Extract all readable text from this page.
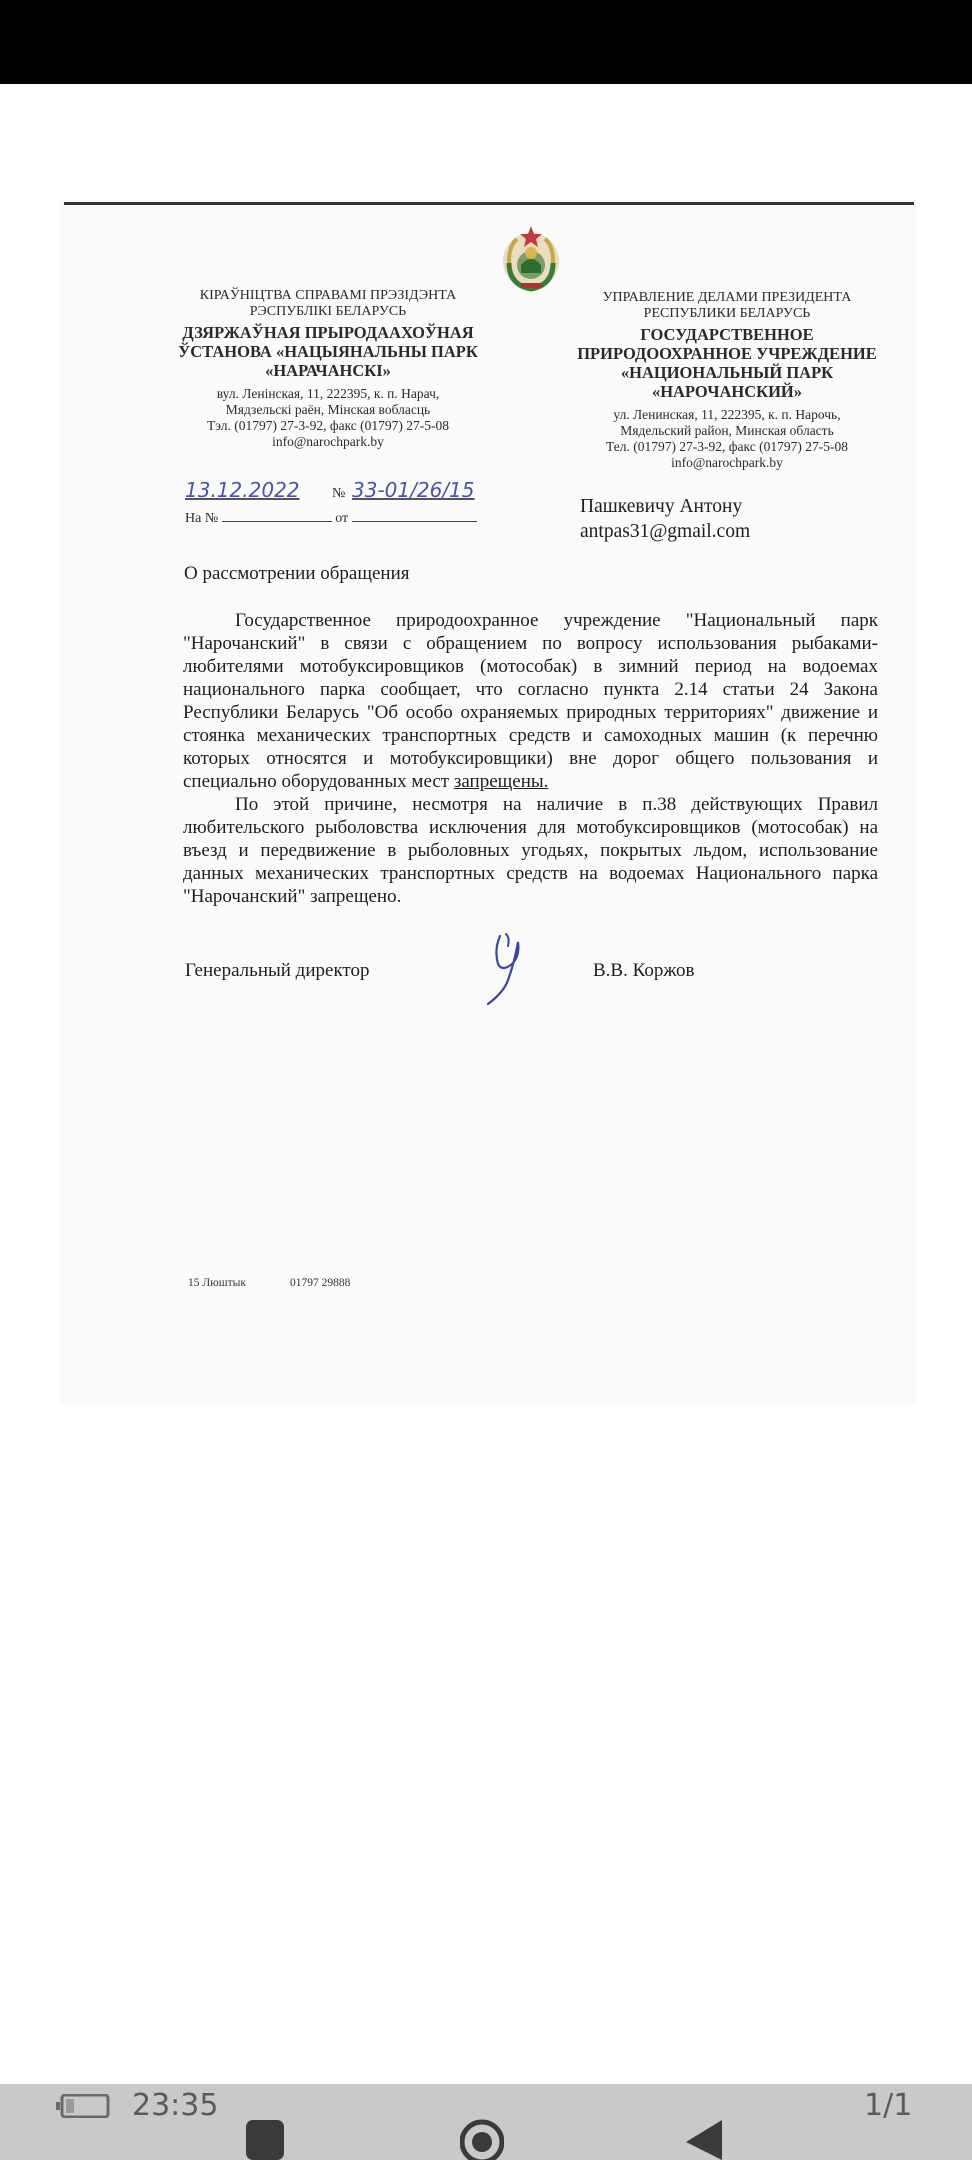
КІРАЎНІЦТВА СПРАВАМІ ПРЭЗІДЭНТА РЭСПУБЛІКІ БЕЛАРУСЬ
ДЗЯРЖАЎНАЯ ПРЫРОДААХОЎНАЯ ЎСТАНОВА «НАЦЫЯНАЛЬНЫ ПАРК «НАРАЧАНСКІ»
вул. Ленінская, 11, 222395, к. п. Нарач,
Мядзельскі раён, Мінская вобласць
Тэл. (01797) 27-3-92, факс (01797) 27-5-08
info@narochpark.by
УПРАВЛЕНИЕ ДЕЛАМИ ПРЕЗИДЕНТА РЕСПУБЛИКИ БЕЛАРУСЬ
ГОСУДАРСТВЕННОЕ ПРИРОДООХРАННОЕ УЧРЕЖДЕНИЕ «НАЦИОНАЛЬНЫЙ ПАРК «НАРОЧАНСКИЙ»
ул. Ленинская, 11, 222395, к. п. Нарочь,
Мядельский район, Минская область
Тел. (01797) 27-3-92, факс (01797) 27-5-08
info@narochpark.by
13.12.2022 № 33-01/26/15
На №	от
Пашкевичу Антону
antpas31@gmail.com
О рассмотрении обращения

Государственное природоохранное учреждение "Национальный парк "Нарочанский" в связи с обращением по вопросу использования рыбаками-любителями мотобуксировщиков (мотособак) в зимний период на водоемах национального парка сообщает, что согласно пункта 2.14 статьи 24 Закона Республики Беларусь "Об особо охраняемых природных территориях" движение и стоянка механических транспортных средств и самоходных машин (к перечню которых относятся и мотобуксировщики) вне дорог общего пользования и специально оборудованных мест запрещены.

По этой причине, несмотря на наличие в п.38 действующих Правил любительского рыболовства исключения для мотобуксировщиков (мотособак) на въезд и передвижение в рыболовных угодьях, покрытых льдом, использование данных механических транспортных средств на водоемах Национального парка "Нарочанский" запрещено.

Генеральный директор	В.В. Коржов
15 Люштык	01797 29888
23:35	1/1
